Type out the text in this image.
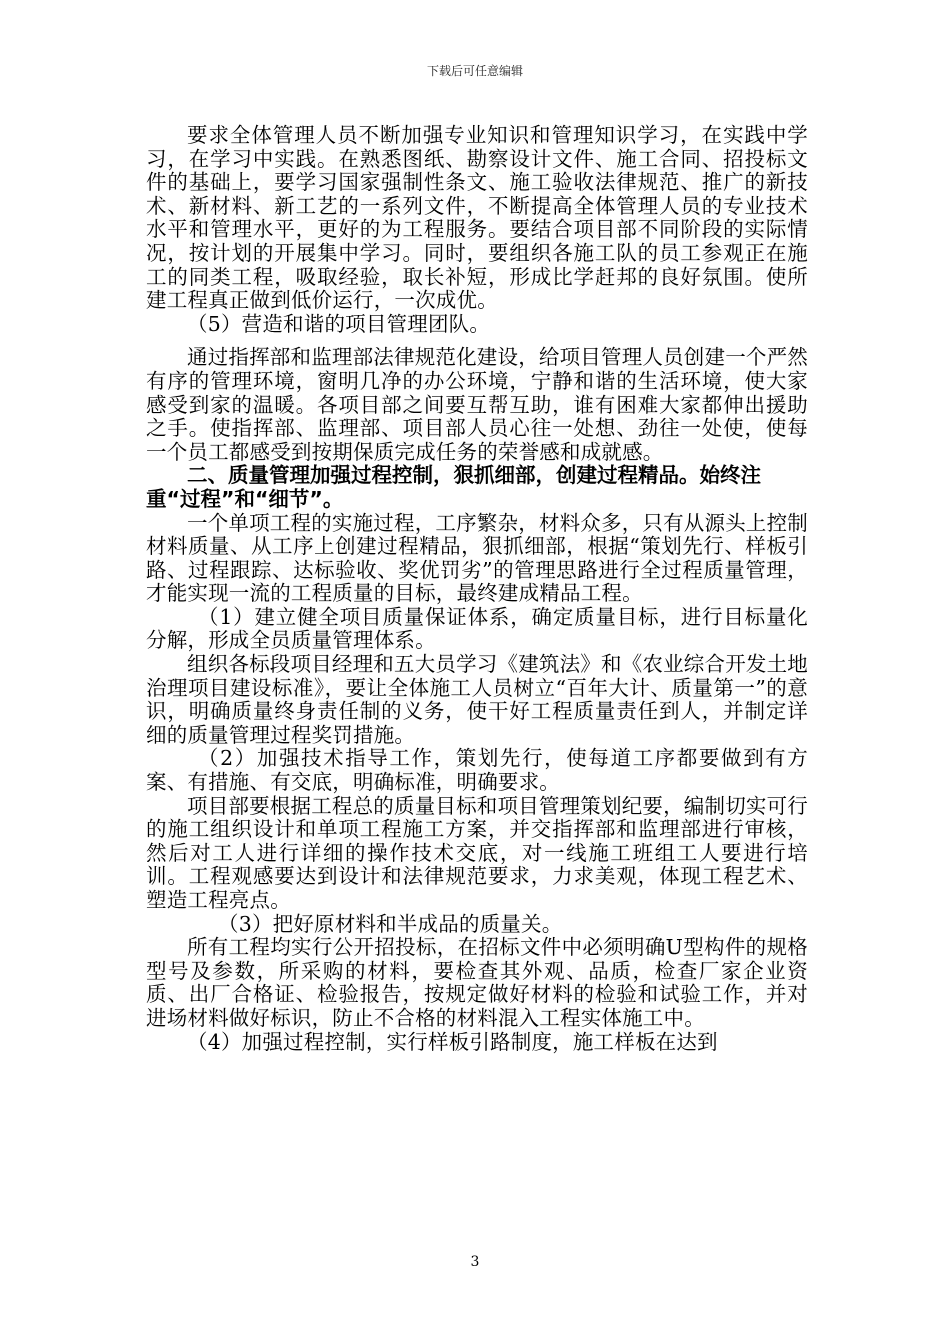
下载后可任意编辑

要求全体管理人员不断加强专业知识和管理知识学习，在实践中学习，在学习中实践。在熟悉图纸、勘察设计文件、施工合同、招投标文件的基础上，要学习国家强制性条文、施工验收法律规范、推广的新技术、新材料、新工艺的一系列文件，不断提高全体管理人员的专业技术水平和管理水平，更好的为工程服务。要结合项目部不同阶段的实际情况，按计划的开展集中学习。同时，要组织各施工队的员工参观正在施工的同类工程，吸取经验，取长补短，形成比学赶邦的良好氛围。使所建工程真正做到低价运行，一次成优。

（5）营造和谐的项目管理团队。

通过指挥部和监理部法律规范化建设，给项目管理人员创建一个严然有序的管理环境，窗明几净的办公环境，宁静和谐的生活环境，使大家感受到家的温暖。各项目部之间要互帮互助，谁有困难大家都伸出援助之手。使指挥部、监理部、项目部人员心往一处想、劲往一处使，使每一个员工都感受到按期保质完成任务的荣誉感和成就感。

二、质量管理加强过程控制，狠抓细部，创建过程精品。始终注重“过程”和“细节”。

一个单项工程的实施过程，工序繁杂，材料众多，只有从源头上控制材料质量、从工序上创建过程精品，狠抓细部，根据“策划先行、样板引路、过程跟踪、达标验收、奖优罚劣”的管理思路进行全过程质量管理，才能实现一流的工程质量的目标，最终建成精品工程。

（1）建立健全项目质量保证体系，确定质量目标，进行目标量化分解，形成全员质量管理体系。

组织各标段项目经理和五大员学习《建筑法》和《农业综合开发土地治理项目建设标准》，要让全体施工人员树立“百年大计、质量第一”的意识，明确质量终身责任制的义务，使干好工程质量责任到人，并制定详细的质量管理过程奖罚措施。

（2）加强技术指导工作，策划先行，使每道工序都要做到有方案、有措施、有交底，明确标准，明确要求。

项目部要根据工程总的质量目标和项目管理策划纪要，编制切实可行的施工组织设计和单项工程施工方案，并交指挥部和监理部进行审核，然后对工人进行详细的操作技术交底，对一线施工班组工人要进行培训。工程观感要达到设计和法律规范要求，力求美观，体现工程艺术、塑造工程亮点。

（3）把好原材料和半成品的质量关。

所有工程均实行公开招投标，在招标文件中必须明确U型构件的规格型号及参数，所采购的材料，要检查其外观、品质，检查厂家企业资质、出厂合格证、检验报告，按规定做好材料的检验和试验工作，并对进场材料做好标识，防止不合格的材料混入工程实体施工中。

（4）加强过程控制，实行样板引路制度，施工样板在达到

3
